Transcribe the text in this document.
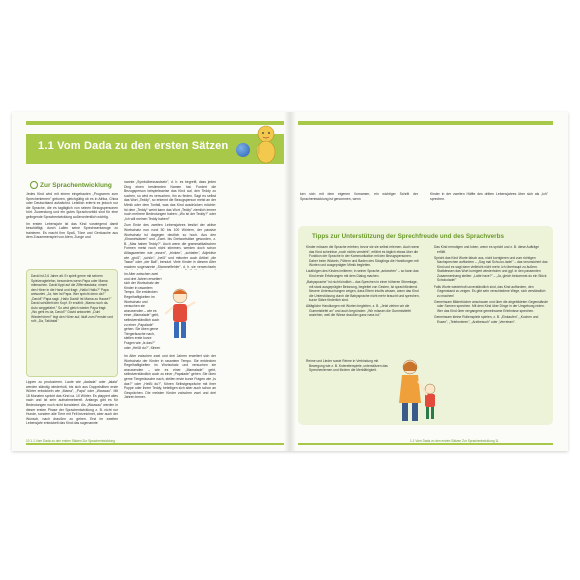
1.1 Vom Dada zu den ersten Sätzen
Zur Sprachentwicklung

Jedes Kind wird mit einem eingebauten „Programm zum Sprechenlernen" geboren, gleichgültig ob es in Afrika, China oder Deutschland aufwächst. Letztlich erlernt es jedoch nur die Sprache, die es tagtäglich von seinen Bezugspersonen hört. Zuwendung und ein gutes Sprachvorbild sind für eine gelingende Sprachentwicklung außerordentlich wichtig.

Im ersten Lebensjahr ist das Kind vorwiegend damit beschäftigt, durch Lallen seine Sprechwerkzeuge zu trainieren. Es macht Ihm Spaß, Töne und Geräusche aus dem Zusammenspiel von Atem, Zunge und

David ist 2,6 Jahre alt. Er spielt gerne mit seinem Spielzeugtelefon, besonders wenn Papa oder Mama mitmachen. David tippt auf die Zifferntastatur, nimmt den Hörer in die Hand und fragt: „Hallo! Hallo?" Papa antwortet: „Ja, hier ist Papa. Wer spricht denn da?" „David!" Papa sagt: „Hallo David! Ist Mama zu Hause?" David schüttelt den Kopf. Er erzählt: „Mama noch da. Auto weggefahrt." So wird gleich wieder Papa fragt: „Wo geht es da, David?" David antwortet: „Duh! Wiederhören!" legt den Hörer auf, läuft zum Fenster und ruft: „Da, Tatütata!"

Lippen zu produzieren. Laute wie „dadada" oder „lalala" werden ständig wiederholt, bis sich aus Doppelsilben erste Wörter entwickeln wie „Mama", „Papa" oder „Wauwau". Mit 18 Monaten spricht das Kind ca. 10 Wörter. Es plappert alles nach und ist sehr aufnahmebereit. Anfangs gibt es für Bedeutungen noch nicht konsistent. Als „Wauwau" werden in dieser ersten Phase der Sprachentwicklung z. B. nicht nur Hunde, sondern alle Tiere mit Fell bezeichnet, aber auch der Wunsch, nach draußen zu gehen. Erst im zweiten Lebensjahr entwickelt das Kind das sogenannte

nannte „Symbolbewusstsein", d. h. es begreift, dass jeden Ding einen bestimmten Namen hat. Fordert die Bezugsperson beispielsweise das Kind auf, den Teddy zu suchen, so wird es versuchen, ihn zu finden. Sagt es selbst das Wort „Teddy", so erkennt die Bezugsperson meist an der Mimik oder dem Tonfall, was das Kind ausdrücken möchte: Ist dem „Teddy" weint kann das Wort „Teddy" ziemlich immer noch mehrere Bedeutungen haben: „Wo ist der Teddy?" oder „Ich will meinen Teddy haben!"

Zum Ende des zweiten Lebensjahres besitzt der aktive Wortschatz nun rund 50 bis 100 Wörtern, der passive Wortschatz ist dagegen deutlich so hoch. Aus den „Einwortsätzen" und „Zwei- bis Dreiwortsätze geworden, z. B. „Mas haben Teddy?". Auch wenn die grammatikalischen Formen meist noch nicht stimmen, werden doch schon Alltagswerben wie „essen", „trinken", „schlafen", Adjektive wie „groß", „schön", „heiß" und mitunter auch Artikel „die Tasse" oder „der Ball", benutzt. Viele Kinder in diesem Alter machen sogenannte „Stammelfehler", d. h. sie verwechseln

Im Alter zwischen zwei und drei Jahren erweitert sich der Wortschatz der Kinder in rasantem Tempo. Sie entdecken Regelhaftigkeiten im Wortschatz und versuchen sie anzuwenden – wie es einer „Mamalade" geht, selbstverständlich auch zu einer „Papalade" gehen. Sie üben gerne Tiergeräusche nach, stellen erste kurze Fragen wie „Is das?" oder „Heißt du?", führen

Im Alter zwischen zwei und drei Jahren erweitert sich der Wortschatz der Kinder in rasantem Tempo. Sie entdecken Regelhaftigkeiten im Wortschatz und versuchen sie anzuwenden – wie es einer „Mamalade" geht, selbstverständlich auch zu einer „Papalade" gehen. Sie üben gerne Tiergeräusche nach, stellen erste kurze Fragen wie „Is das?" oder „Heißt du?", führen Selbstgespräche mit ihrer Puppe oder ihrem Teddy, beteiligen sich aber auch schon an Gesprächen. Die meisten Kinder zwischen zwei und drei Jahren bemer-

10 1.1 Vom Dada zu den ersten Sätzen Zur Sprachentwicklung

ken sich mit dem eigenen Vornamen, ein wichtiger Schritt der Sprachentwicklung ist genommen, wenn

Kinder in der zweiten Hälfte des dritten Lebensjahres über sich als „Ich" sprechen.

Tipps zur Unterstützung der Sprechfreude und des Sprachverbs

Kinder müssen die Sprache erleben, bevor sie sie selbst erlernen. Auch wenn das Kind scheinbar „noch nichts versteht", erfährt es täglich etwas über die Funktion der Sprache in der Kommunikation mit den Bezugspersonen. Daher beim Wickeln, Füttern und Baden des Säuglings die Handlungen mit Worten und ausgeprägter Mimik begleiten.

Lautfolgen des Kindes imitieren; in seiner Sprache „antworten" – so kann das Kind erste Erfahrungen mit dem Dialog machen.

„Babysprache" ist nicht kindlich – das Sprechen in einer höheren Stimmlage, mit stark ausgeprägter Betonung, begleitet von Gesten, ist sprachfördernd. Neuere Untersuchungen zeigen, dass Eltern intuitiv wissen, wann das Kind die Unterstützung durch die Babysprache nicht mehr braucht und sprechen, kurze Sätze förderlich sind.

Alltägliche Handlungen mit Worten begleiten, z. B. „Jetzt ziehen wir die Gummistiefel an" und auch begründen: „Wir müssen die Gummistiefel anziehen, weil die Wiese draußen ganz nass ist."

Reime und Lieder sowie Reime in Verbindung mit Bewegung wie z. B. Kniereiterspiele, unterstützen das Sprechenlernen und fördern die Merkfähigkeit.

Das Kind ermutigen und loben, wenn es spricht und z. B. diese Aufträge erfüllt.

Spricht das Kind Worte falsch aus, nicht korrigieren und zum richtigen Nachsprechen auffordern – „Sag mal Scho-ko-lade!" – das verunsichert das Kind und es sagt dann vielleicht nicht mehr, ich überhaupt zu äußern. Stattdessen das Wort korrigiert wiederholen und ggf. in den passenden Zusammenhang stellen: „Latte have?" – „Ja, gleich bekommst du ein Stück Schokolade!"

Falls Worte wiederholt unverständlich sind, das Kind auffordern, den Gegenstand zu zeigen. Es gibt sehr verschiedene Wege, sich verständlich zu machen!

Gemeinsam Bilderbücher anschauen und über die abgebildeten Gegenstände oder Szenen sprechen. Mit dem Kind über Dinge in der Umgebung reden. Wer das Kind über vergangene gemeinsame Erlebnisse sprechen.

Gemeinsam kleine Rollenspiele spielen, z. B. „Einkaufen", „Kochen und Essen", „Telefonieren", „Arztbesuch" oder „Verreisen".

1.1 Vom Dada zu den ersten Sätzen Zur Sprachentwicklung 11
